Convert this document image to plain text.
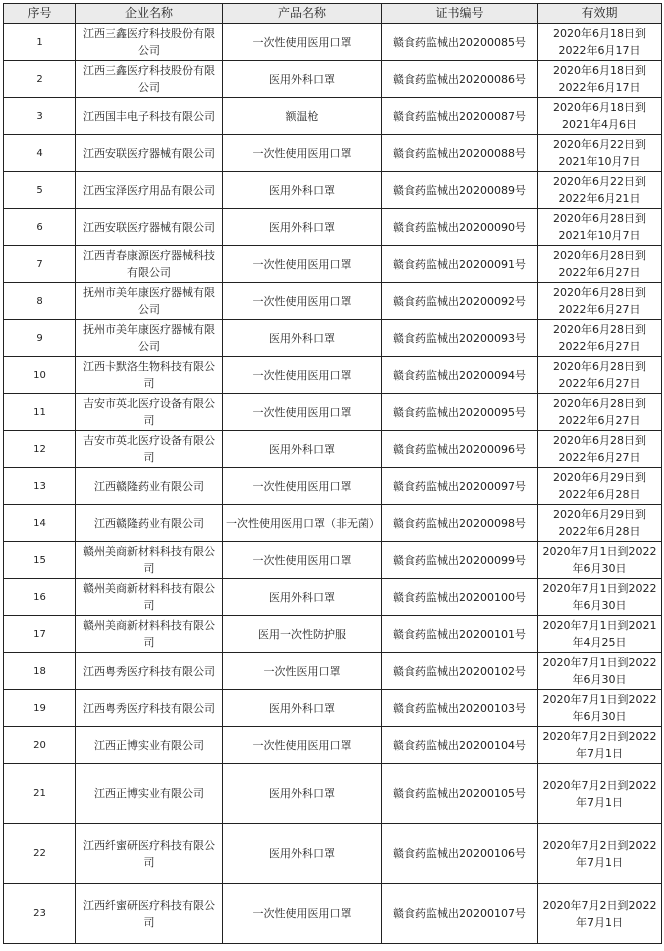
序号	企业名称	产品名称	证书编号	有效期
1	江西三鑫医疗科技股份有限公司	一次性使用医用口罩	赣食药监械出20200085号	2020年6月18日到2022年6月17日
2	江西三鑫医疗科技股份有限公司	医用外科口罩	赣食药监械出20200086号	2020年6月18日到2022年6月17日
3	江西国丰电子科技有限公司	额温枪	赣食药监械出20200087号	2020年6月18日到2021年4月6日
4	江西安联医疗器械有限公司	一次性使用医用口罩	赣食药监械出20200088号	2020年6月22日到2021年10月7日
5	江西宝泽医疗用品有限公司	医用外科口罩	赣食药监械出20200089号	2020年6月22日到2022年6月21日
6	江西安联医疗器械有限公司	医用外科口罩	赣食药监械出20200090号	2020年6月28日到2021年10月7日
7	江西青春康源医疗器械科技有限公司	一次性使用医用口罩	赣食药监械出20200091号	2020年6月28日到2022年6月27日
8	抚州市美年康医疗器械有限公司	一次性使用医用口罩	赣食药监械出20200092号	2020年6月28日到2022年6月27日
9	抚州市美年康医疗器械有限公司	医用外科口罩	赣食药监械出20200093号	2020年6月28日到2022年6月27日
10	江西卡默洛生物科技有限公司	一次性使用医用口罩	赣食药监械出20200094号	2020年6月28日到2022年6月27日
11	吉安市英北医疗设备有限公司	一次性使用医用口罩	赣食药监械出20200095号	2020年6月28日到2022年6月27日
12	吉安市英北医疗设备有限公司	医用外科口罩	赣食药监械出20200096号	2020年6月28日到2022年6月27日
13	江西赣隆药业有限公司	一次性使用医用口罩	赣食药监械出20200097号	2020年6月29日到2022年6月28日
14	江西赣隆药业有限公司	一次性使用医用口罩（非无菌）	赣食药监械出20200098号	2020年6月29日到2022年6月28日
15	赣州美商新材料科技有限公司	一次性使用医用口罩	赣食药监械出20200099号	2020年7月1日到2022年6月30日
16	赣州美商新材料科技有限公司	医用外科口罩	赣食药监械出20200100号	2020年7月1日到2022年6月30日
17	赣州美商新材料科技有限公司	医用一次性防护服	赣食药监械出20200101号	2020年7月1日到2021年4月25日
18	江西粤秀医疗科技有限公司	一次性医用口罩	赣食药监械出20200102号	2020年7月1日到2022年6月30日
19	江西粤秀医疗科技有限公司	医用外科口罩	赣食药监械出20200103号	2020年7月1日到2022年6月30日
20	江西正博实业有限公司	一次性使用医用口罩	赣食药监械出20200104号	2020年7月2日到2022年7月1日
21	江西正博实业有限公司	医用外科口罩	赣食药监械出20200105号	2020年7月2日到2022年7月1日
22	江西纤蜜研医疗科技有限公司	医用外科口罩	赣食药监械出20200106号	2020年7月2日到2022年7月1日
23	江西纤蜜研医疗科技有限公司	一次性使用医用口罩	赣食药监械出20200107号	2020年7月2日到2022年7月1日
